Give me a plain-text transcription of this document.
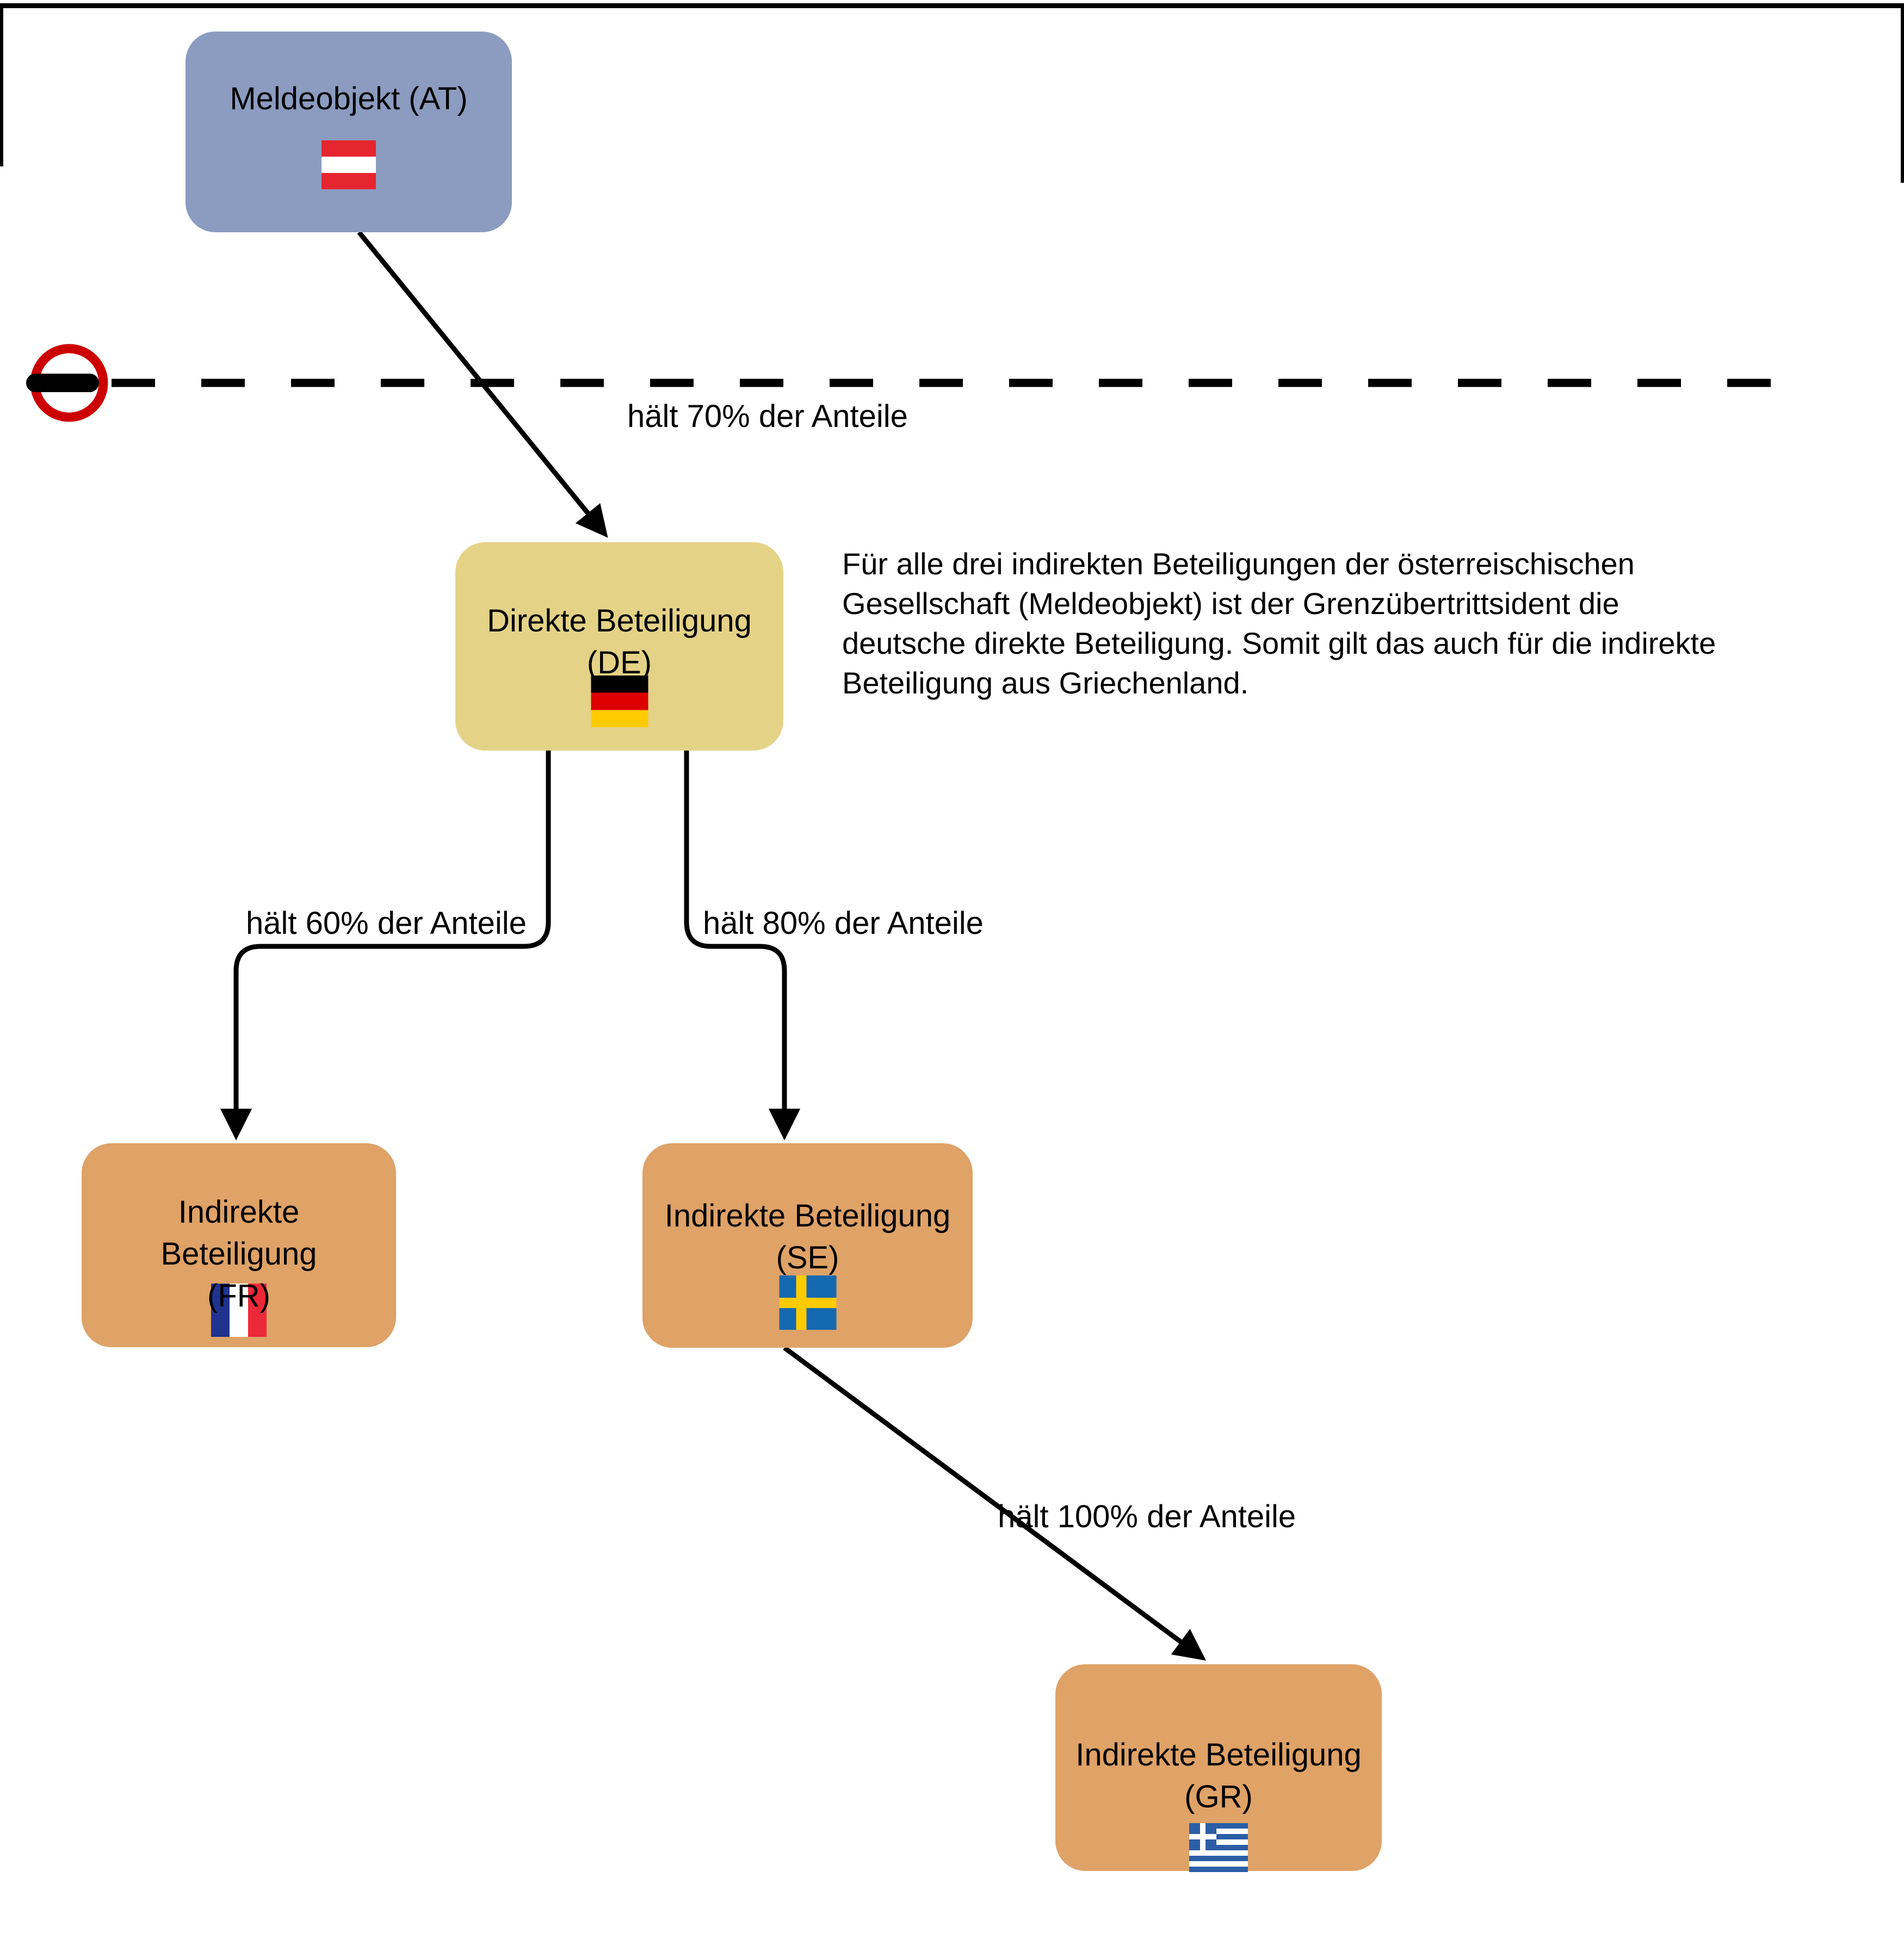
Meldeobjekt (AT)
Direkte Beteiligung
(DE)
Indirekte
Beteiligung
(FR)
Indirekte Beteiligung
(SE)
Indirekte Beteiligung
(GR)
hält 70% der Anteile
hält 60% der Anteile	hält 80% der Anteile
hält 100% der Anteile
Für alle drei indirekten Beteiligungen der österreischischen
Gesellschaft (Meldeobjekt) ist der Grenzübertrittsident die
deutsche direkte Beteiligung. Somit gilt das auch für die indirekte
Beteiligung aus Griechenland.
